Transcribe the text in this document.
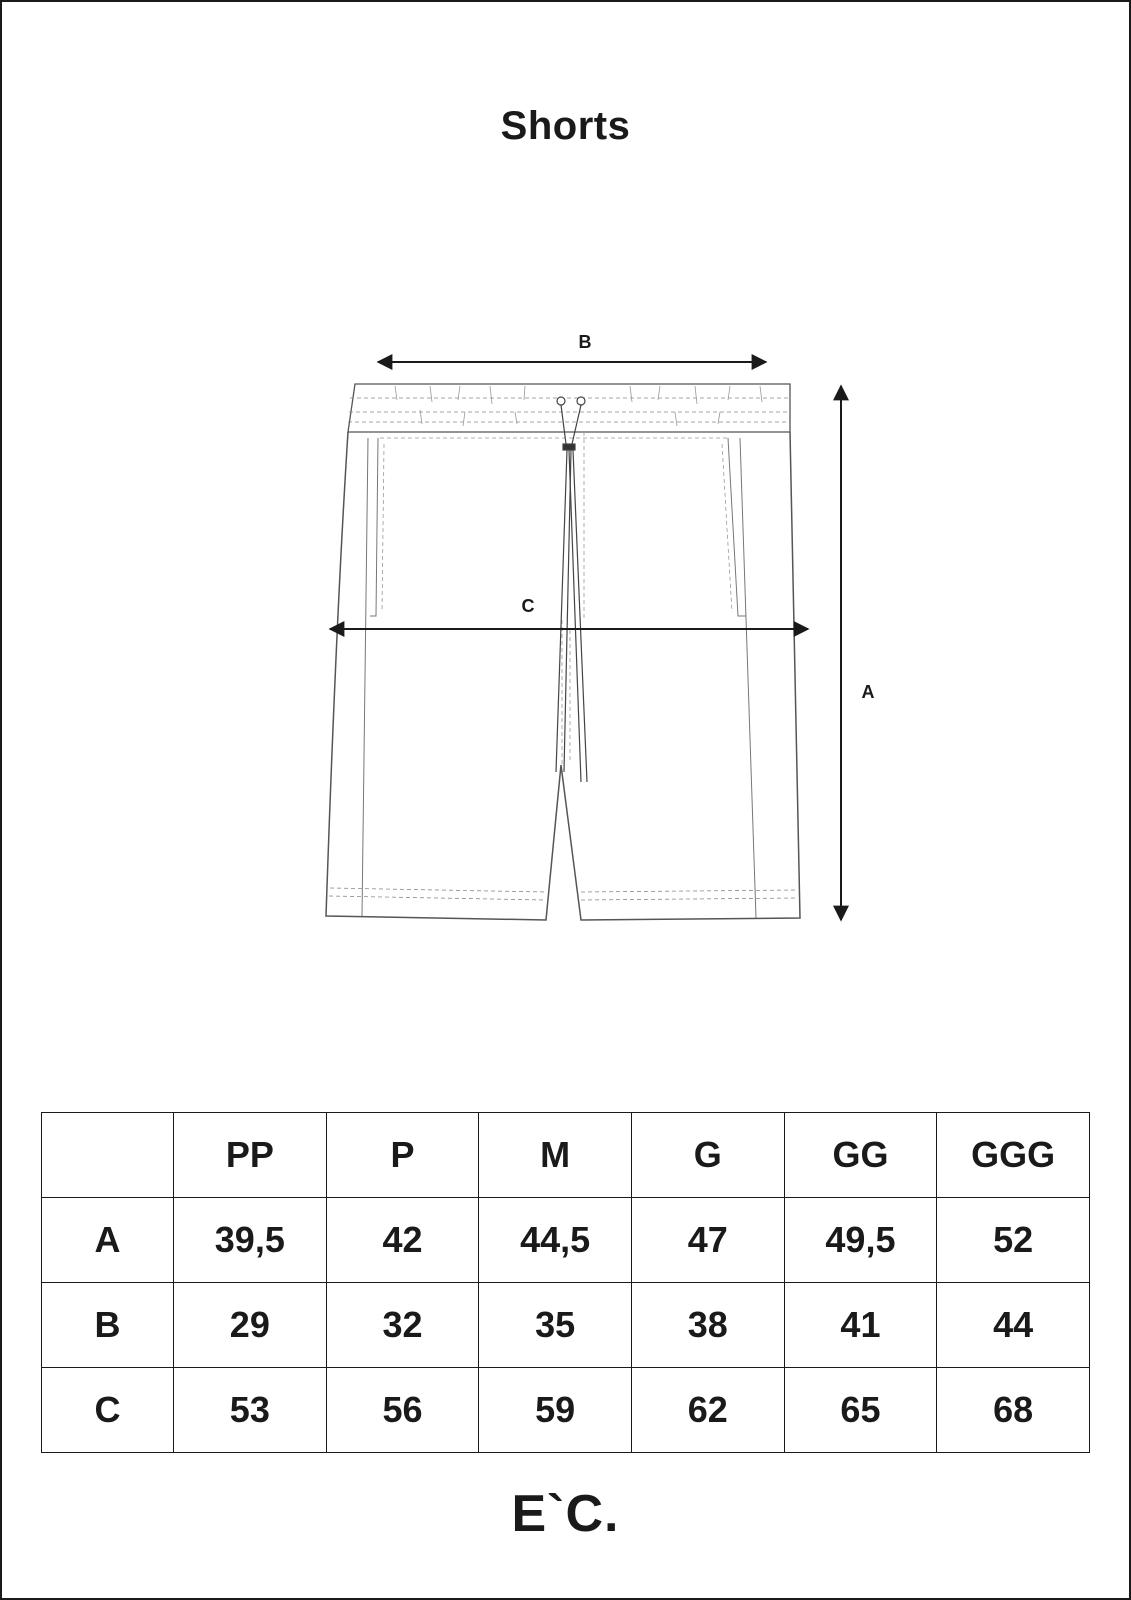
Shorts
B
C
A
	PP	P	M	G	GG	GGG
A	39,5	42	44,5	47	49,5	52
B	29	32	35	38	41	44
C	53	56	59	62	65	68
E`C.
